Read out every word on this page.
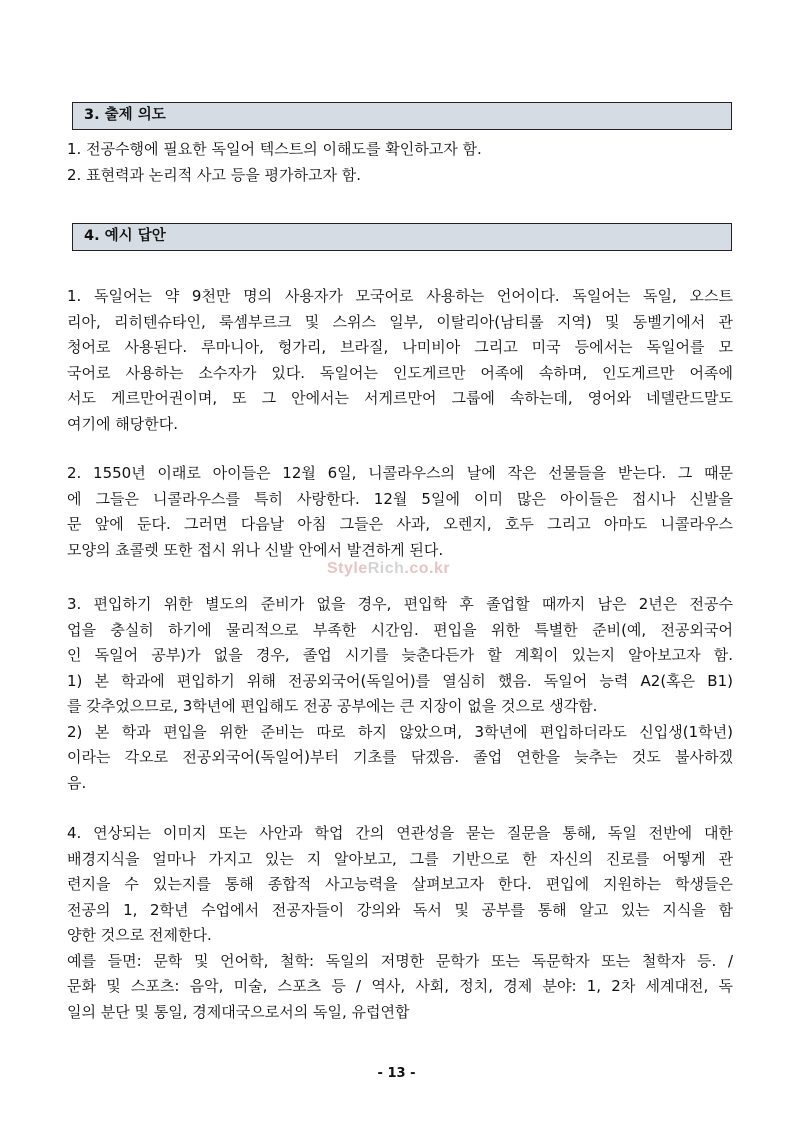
3. 출제 의도
1. 전공수행에 필요한 독일어 텍스트의 이해도를 확인하고자 함.
2. 표현력과 논리적 사고 등을 평가하고자 함.
4. 예시 답안
1. 독일어는 약 9천만 명의 사용자가 모국어로 사용하는 언어이다. 독일어는 독일, 오스트
리아, 리히텐슈타인, 룩셈부르크 및 스위스 일부, 이탈리아(남티롤 지역) 및 동벨기에서 관
청어로 사용된다. 루마니아, 헝가리, 브라질, 나미비아 그리고 미국 등에서는 독일어를 모
국어로 사용하는 소수자가 있다. 독일어는 인도게르만 어족에 속하며, 인도게르만 어족에
서도 게르만어권이며, 또 그 안에서는 서게르만어 그룹에 속하는데, 영어와 네델란드말도
여기에 해당한다.
2. 1550년 이래로 아이들은 12월 6일, 니콜라우스의 날에 작은 선물들을 받는다. 그 때문
에 그들은 니콜라우스를 특히 사랑한다. 12월 5일에 이미 많은 아이들은 접시나 신발을
문 앞에 둔다. 그러면 다음날 아침 그들은 사과, 오렌지, 호두 그리고 아마도 니콜라우스
모양의 쵸콜렛 또한 접시 위나 신발 안에서 발견하게 된다.
StyleRich.co.kr
3. 편입하기 위한 별도의 준비가 없을 경우, 편입학 후 졸업할 때까지 남은 2년은 전공수
업을 충실히 하기에 물리적으로 부족한 시간임. 편입을 위한 특별한 준비(예, 전공외국어
인 독일어 공부)가 없을 경우, 졸업 시기를 늦춘다든가 할 계획이 있는지 알아보고자 함.
1) 본 학과에 편입하기 위해 전공외국어(독일어)를 열심히 했음. 독일어 능력 A2(혹은 B1)
를 갖추었으므로, 3학년에 편입해도 전공 공부에는 큰 지장이 없을 것으로 생각함.
2) 본 학과 편입을 위한 준비는 따로 하지 않았으며, 3학년에 편입하더라도 신입생(1학년)
이라는 각오로 전공외국어(독일어)부터 기초를 닦겠음. 졸업 연한을 늦추는 것도 불사하겠
음.
4. 연상되는 이미지 또는 사안과 학업 간의 연관성을 묻는 질문을 통해, 독일 전반에 대한
배경지식을 얼마나 가지고 있는 지 알아보고, 그를 기반으로 한 자신의 진로를 어떻게 관
련지을 수 있는지를 통해 종합적 사고능력을 살펴보고자 한다. 편입에 지원하는 학생들은
전공의 1, 2학년 수업에서 전공자들이 강의와 독서 및 공부를 통해 알고 있는 지식을 함
양한 것으로 전제한다.
예를 들면: 문학 및 언어학, 철학: 독일의 저명한 문학가 또는 독문학자 또는 철학자 등. /
문화 및 스포츠: 음악, 미술, 스포츠 등 / 역사, 사회, 정치, 경제 분야: 1, 2차 세계대전, 독
일의 분단 및 통일, 경제대국으로서의 독일, 유럽연합
- 13 -
